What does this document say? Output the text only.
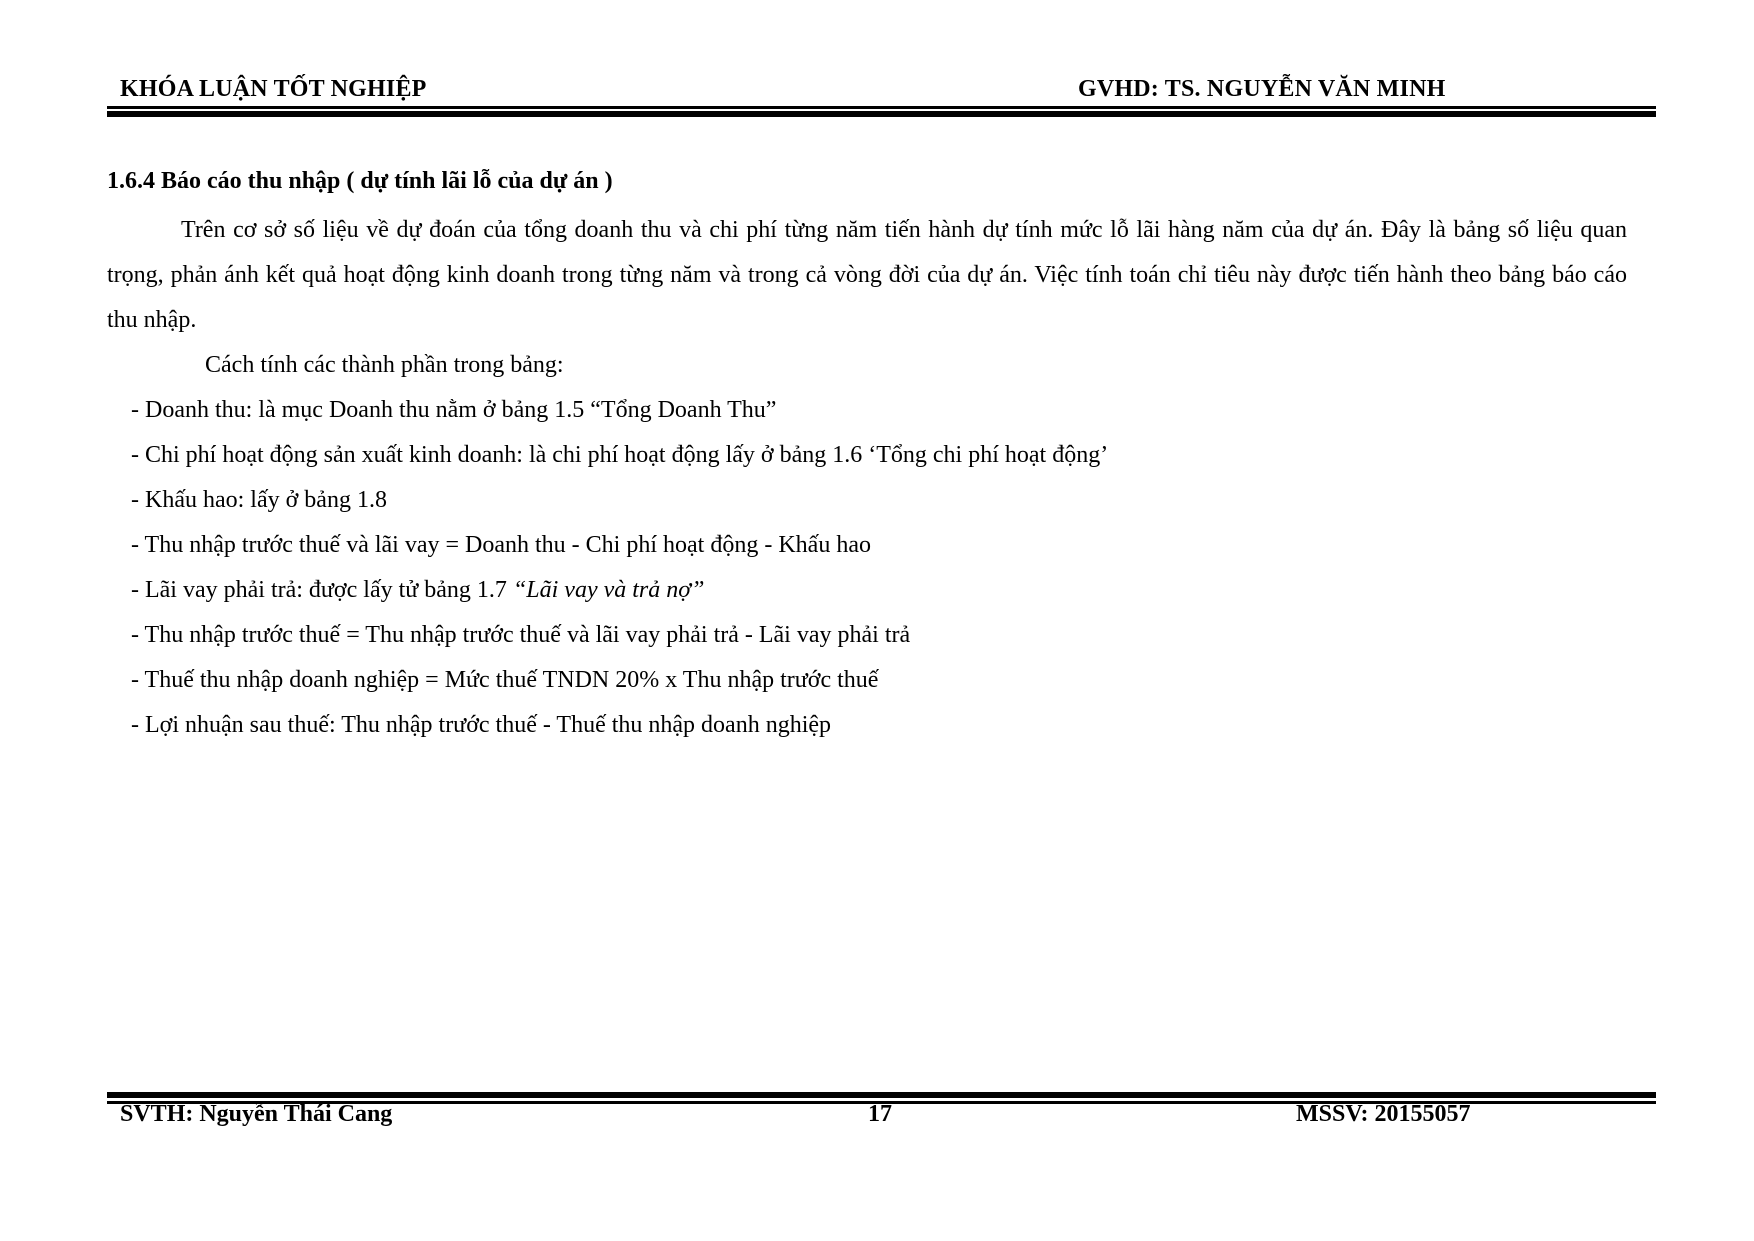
KHÓA LUẬN TỐT NGHIỆP	GVHD: TS. NGUYỄN VĂN MINH
1.6.4 Báo cáo thu nhập ( dự tính lãi lỗ của dự án )

Trên cơ sở số liệu về dự đoán của tổng doanh thu và chi phí từng năm tiến hành dự tính mức lỗ lãi hàng năm của dự án. Đây là bảng số liệu quan trọng, phản ánh kết quả hoạt động kinh doanh trong từng năm và trong cả vòng đời của dự án. Việc tính toán chỉ tiêu này được tiến hành theo bảng báo cáo thu nhập.

Cách tính các thành phần trong bảng:

- Doanh thu: là mục Doanh thu nằm ở bảng 1.5 “Tổng Doanh Thu”
- Chi phí hoạt động sản xuất kinh doanh: là chi phí hoạt động lấy ở bảng 1.6 ‘Tổng chi phí hoạt động’
- Khấu hao: lấy ở bảng 1.8
- Thu nhập trước thuế và lãi vay = Doanh thu - Chi phí hoạt động - Khấu hao
- Lãi vay phải trả: được lấy tử bảng 1.7 “Lãi vay và trả nợ”
- Thu nhập trước thuế = Thu nhập trước thuế và lãi vay phải trả - Lãi vay phải trả
- Thuế thu nhập doanh nghiệp = Mức thuế TNDN 20% x Thu nhập trước thuế
- Lợi nhuận sau thuế: Thu nhập trước thuế - Thuế thu nhập doanh nghiệp
SVTH: Nguyễn Thái Cang	17	MSSV: 20155057
